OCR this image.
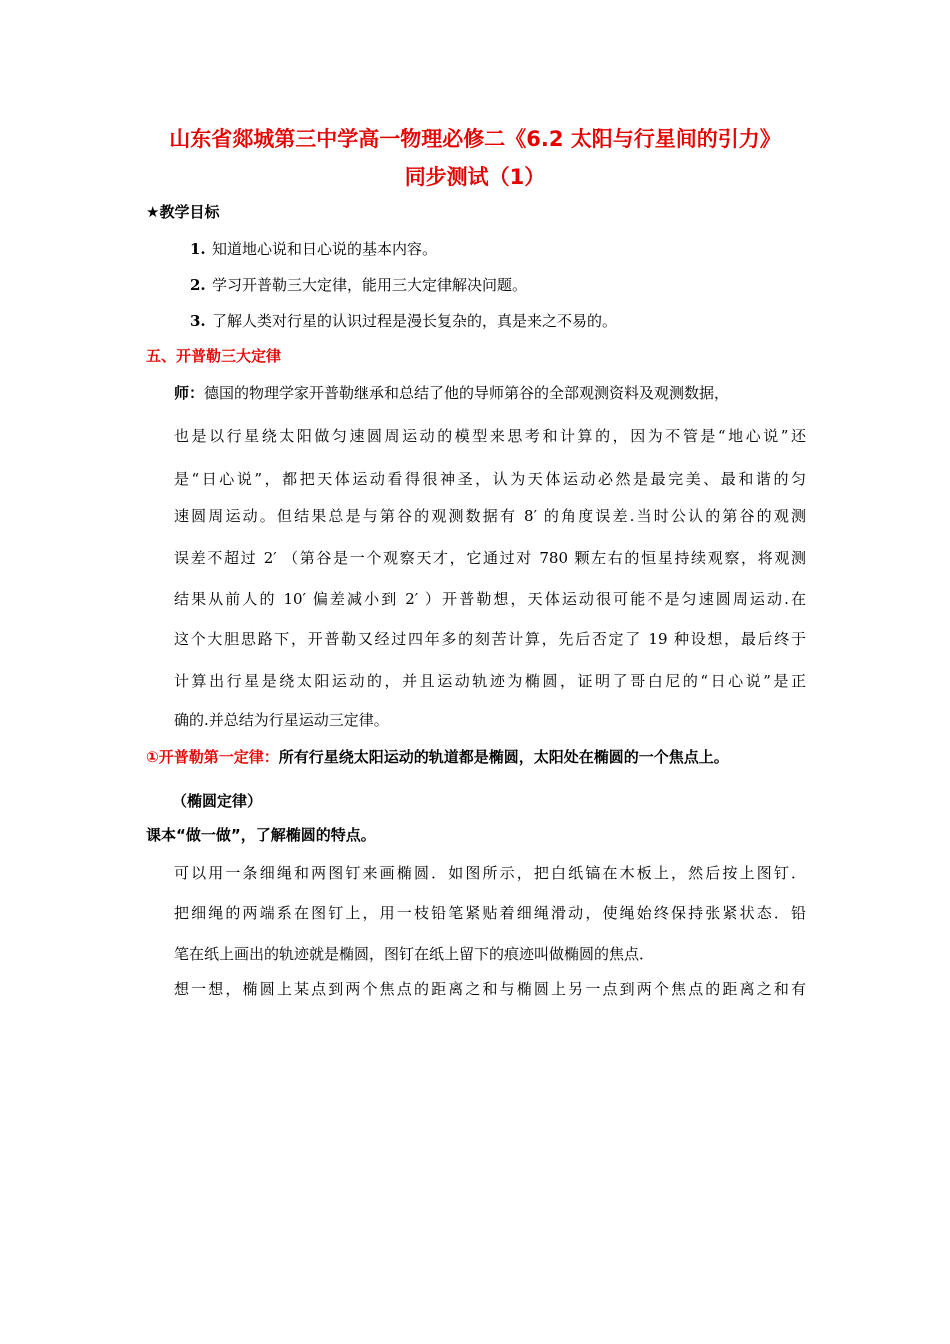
山东省郯城第三中学高一物理必修二《6.2 太阳与行星间的引力》
同步测试（1）
★教学目标
1. 知道地心说和日心说的基本内容。
2. 学习开普勒三大定律，能用三大定律解决问题。
3. 了解人类对行星的认识过程是漫长复杂的，真是来之不易的。
五、开普勒三大定律
师：德国的物理学家开普勒继承和总结了他的导师第谷的全部观测资料及观测数据，
也是以行星绕太阳做匀速圆周运动的模型来思考和计算的，因为不管是“地心说”还
是“日心说”，都把天体运动看得很神圣，认为天体运动必然是最完美、最和谐的匀
速圆周运动。但结果总是与第谷的观测数据有 8′ 的角度误差.当时公认的第谷的观测
误差不超过 2′ （第谷是一个观察天才，它通过对 780 颗左右的恒星持续观察，将观测
结果从前人的 10′ 偏差减小到 2′ ）开普勒想，天体运动很可能不是匀速圆周运动.在
这个大胆思路下，开普勒又经过四年多的刻苦计算，先后否定了 19 种设想，最后终于
计算出行星是绕太阳运动的，并且运动轨迹为椭圆，证明了哥白尼的“日心说”是正
确的.并总结为行星运动三定律。
①开普勒第一定律：所有行星绕太阳运动的轨道都是椭圆，太阳处在椭圆的一个焦点上。
（椭圆定律）
课本“做一做”，了解椭圆的特点。
可以用一条细绳和两图钉来画椭圆．如图所示，把白纸镐在木板上，然后按上图钉．
把细绳的两端系在图钉上，用一枝铅笔紧贴着细绳滑动，使绳始终保持张紧状态．铅
笔在纸上画出的轨迹就是椭圆，图钉在纸上留下的痕迹叫做椭圆的焦点．
想一想，椭圆上某点到两个焦点的距离之和与椭圆上另一点到两个焦点的距离之和有
